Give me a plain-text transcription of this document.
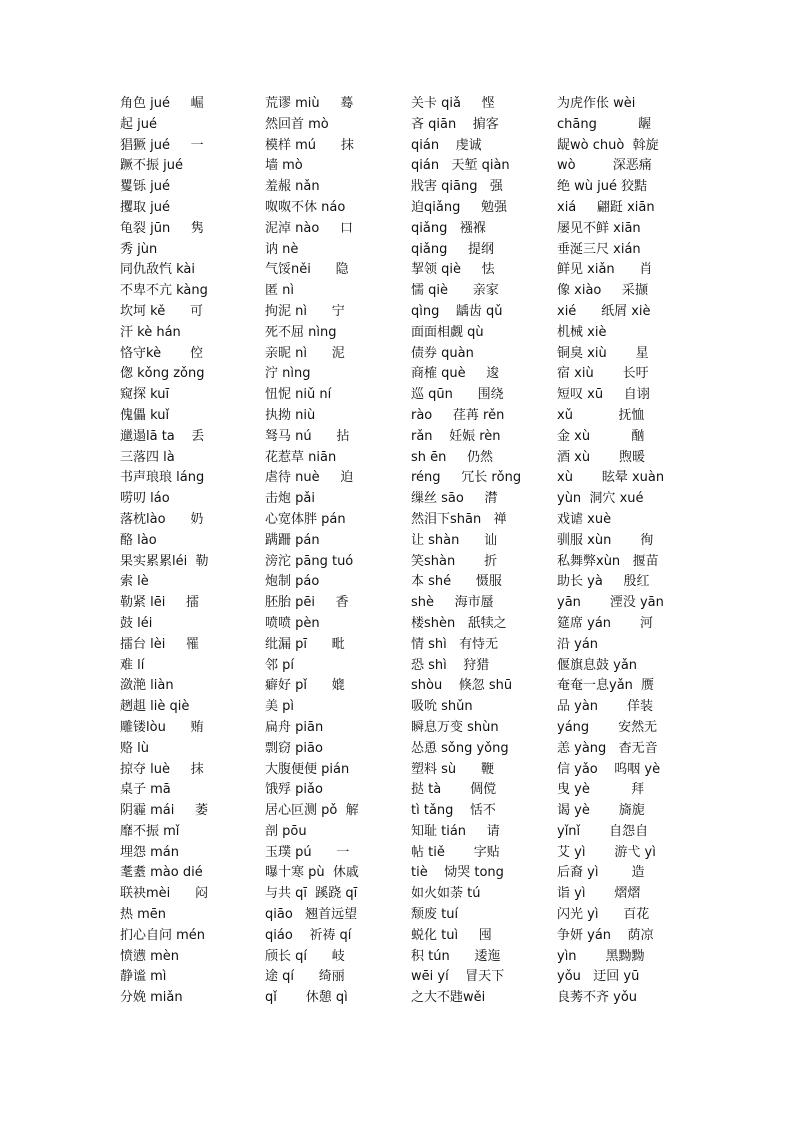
角色 jué     崛
起 jué
猖獗 jué     一
蹶不振 jué
矍铄 jué
攫取 jué
龟裂 jūn     隽
秀 jùn
同仇敌忾 kài
不卑不亢 kàng
坎坷 kě      可
汗 kè hán
恪守kè       倥
偬 kǒng zǒng
窥探 kuī
傀儡 kuǐ
邋遢lā ta    丢
三落四 là
书声琅琅 láng
唠叨 láo
落枕lào      奶
酪 lào
果实累累léi  勒
索 lè
勒紧 lēi     擂
鼓 léi
擂台 lèi     罹
难 lí
潋滟 liàn
趔趄 liè qiè
雕镂lòu      贿
赂 lù
掠夺 luè     抹
桌子 mā
阴霾 mái     萎
靡不振 mǐ
埋怨 mán
耄耋 mào dié
联袂mèi      闷
热 mēn
扪心自问 mén
愤懑 mèn
静谧 mì
分娩 miǎn
荒谬 miù     蓦
然回首 mò
模样 mú      抹
墙 mò
羞赧 nǎn
呶呶不休 náo
泥淖 nào     口
讷 nè
气馁něi      隐
匿 nì
拘泥 nì      宁
死不屈 nìng
亲昵 nì      泥
泞 nìng
忸怩 niǔ ní
执拗 niù
驽马 nú      拈
花惹草 niān
虐待 nuè     迫
击炮 pǎi
心宽体胖 pán
蹒跚 pán
滂沱 pāng tuó
炮制 páo
胚胎 pēi     香
喷喷 pèn
纰漏 pī      毗
邻 pí
癖好 pǐ      媲
美 pì
扁舟 piān
剽窃 piāo
大腹便便 pián
饿殍 piǎo
居心叵测 pǒ  解
剖 pōu
玉璞 pú      一
曝十寒 pù  休戚
与共 qī  蹊跷 qī
qiāo   翘首远望
qiáo    祈祷 qí
颀长 qí      岐
途 qí      绮丽
qǐ       休憩 qì
关卡 qiǎ     悭
吝 qiān    掮客
qián    虔诚
qián   天堑 qiàn
戕害 qiāng   强
迫qiǎng     勉强
qiǎng   襁褓
qiǎng     提纲
挈领 qiè     怯
懦 qiè      亲家
qìng    龋齿 qǔ
面面相觑 qù
债券 quàn
商榷 què     逡
巡 qūn      围绕
rào     荏苒 rěn
rǎn    妊娠 rèn
sh ēn     仍然
réng     冗长 rǒng
缫丝 sāo     潸
然泪下shān   禅
让 shàn      讪
笑shàn       折
本 shé      慑服
shè     海市蜃
楼shèn   舐犊之
情 shì   有恃无
恐 shì    狩猎
shòu    倏忽 shū
吸吮 shǔn
瞬息万变 shùn
怂恿 sǒng yǒng
塑料 sù      鞭
挞 tà       倜傥
tì tǎng    恬不
知耻 tián     请
帖 tiě       字贴
tiè    恸哭 tong
如火如荼 tú
颓废 tuí
蜕化 tuì     囤
积 tún      逶迤
wēi yí    冒天下
之大不韪wěi
为虎作伥 wèi
chāng          龌
龊wò chuò  斡旋
wò         深恶痛
绝 wù jué 狡黠
xiá     翩跹 xiān
屡见不鲜 xiān
垂涎三尺 xián
鲜见 xiǎn      肖
像 xiào     采撷
xié      纸屑 xiè
机械 xiè
铜臭 xiù       星
宿 xiù       长吁
短叹 xū     自诩
xǔ           抚恤
金 xù          酗
酒 xù       煦暖
xù       眩晕 xuàn
yùn  洞穴 xué
戏谑 xuè
驯服 xùn       徇
私舞弊xùn   揠苗
助长 yà     殷红
yān       湮没 yān
筵席 yán       河
沿 yán
偃旗息鼓 yǎn
奄奄一息yǎn  赝
品 yàn       佯装
yáng       安然无
恙 yàng   杳无音
信 yǎo    呜咽 yè
曳 yè          拜
谒 yè       旖旎
yǐnǐ       自怨自
艾 yì       游弋 yì
后裔 yì        造
诣 yì       熠熠
闪光 yì      百花
争妍 yán    荫凉
yìn       黑黝黝
yǒu   迂回 yū
良莠不齐 yǒu
